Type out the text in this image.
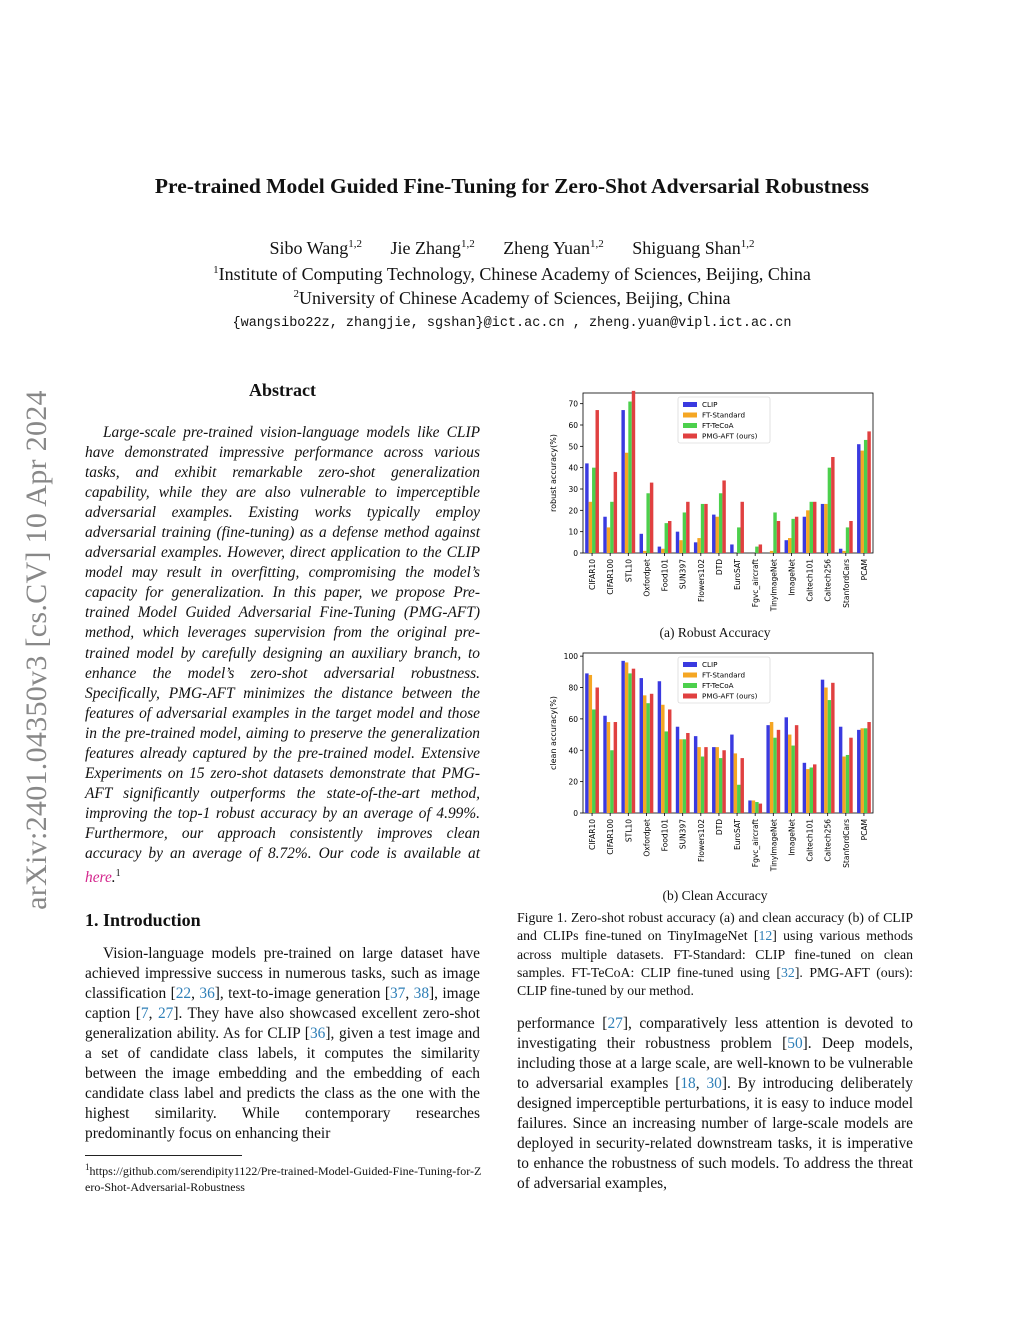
arXiv:2401.04350v3 [cs.CV] 10 Apr 2024
Pre-trained Model Guided Fine-Tuning for Zero-Shot Adversarial Robustness
Sibo Wang$^{1,2}$ Jie Zhang$^{1,2}$ Zheng Yuan$^{1,2}$ Shiguang Shan$^{1,2}$
$^1$Institute of Computing Technology, Chinese Academy of Sciences, Beijing, China
$^2$University of Chinese Academy of Sciences, Beijing, China
{wangsibo22z, zhangjie, sgshan}@ict.ac.cn , zheng.yuan@vipl.ict.ac.cn
Abstract
Large-scale pre-trained vision-language models like CLIP have demonstrated impressive performance across various tasks, and exhibit remarkable zero-shot generalization capability, while they are also vulnerable to imperceptible adversarial examples. Existing works typically employ adversarial training (fine-tuning) as a defense method against adversarial examples. However, direct application to the CLIP model may result in overfitting, compromising the model’s capacity for generalization. In this paper, we propose Pre-trained Model Guided Adversarial Fine-Tuning (PMG-AFT) method, which leverages supervision from the original pre-trained model by carefully designing an auxiliary branch, to enhance the model’s zero-shot adversarial robustness. Specifically, PMG-AFT minimizes the distance between the features of adversarial examples in the target model and those in the pre-trained model, aiming to preserve the generalization features already captured by the pre-trained model. Extensive Experiments on 15 zero-shot datasets demonstrate that PMG-AFT significantly outperforms the state-of-the-art method, improving the top-1 robust accuracy by an average of 4.99%. Furthermore, our approach consistently improves clean accuracy by an average of 8.72%. Our code is available at here.$^1$
1. Introduction
Vision-language models pre-trained on large dataset have achieved impressive success in numerous tasks, such as image classification [22, 36], text-to-image generation [37, 38], image caption [7, 27]. They have also showcased excellent zero-shot generalization ability. As for CLIP [36], given a test image and a set of candidate class labels, it computes the similarity between the image embedding and the embedding of each candidate class label and predicts the class as the one with the highest similarity. While contemporary researches predominantly focus on enhancing their
$^1$https://github.com/serendipity1122/Pre-trained-Model-Guided-Fine-Tuning-for-Zero-Shot-Adversarial-Robustness
robust accuracy(%)
0
10
20
30
40
50
60
70
CIFAR10 CIFAR100 STL10 Oxfordpet Food101 SUN397 Flowers102 DTD EuroSAT Fgvc_aircraft TinyImageNet ImageNet Caltech101 Caltech256 StanfordCars PCAM
CLIP
FT-Standard
FT-TeCoA
PMG-AFT (ours)
(a) Robust Accuracy
clean accuracy(%)
0
20
40
60
80
100
CIFAR10 CIFAR100 STL10 Oxfordpet Food101 SUN397 Flowers102 DTD EuroSAT Fgvc_aircraft TinyImageNet ImageNet Caltech101 Caltech256 StanfordCars PCAM
CLIP
FT-Standard
FT-TeCoA
PMG-AFT (ours)
(b) Clean Accuracy
Figure 1. Zero-shot robust accuracy (a) and clean accuracy (b) of CLIP and CLIPs fine-tuned on TinyImageNet [12] using various methods across multiple datasets. FT-Standard: CLIP fine-tuned on clean samples. FT-TeCoA: CLIP fine-tuned using [32]. PMG-AFT (ours): CLIP fine-tuned by our method.
performance [27], comparatively less attention is devoted to investigating their robustness problem [50]. Deep models, including those at a large scale, are well-known to be vulnerable to adversarial examples [18, 30]. By introducing deliberately designed imperceptible perturbations, it is easy to induce model failures. Since an increasing number of large-scale models are deployed in security-related downstream tasks, it is imperative to enhance the robustness of such models. To address the threat of adversarial examples,
